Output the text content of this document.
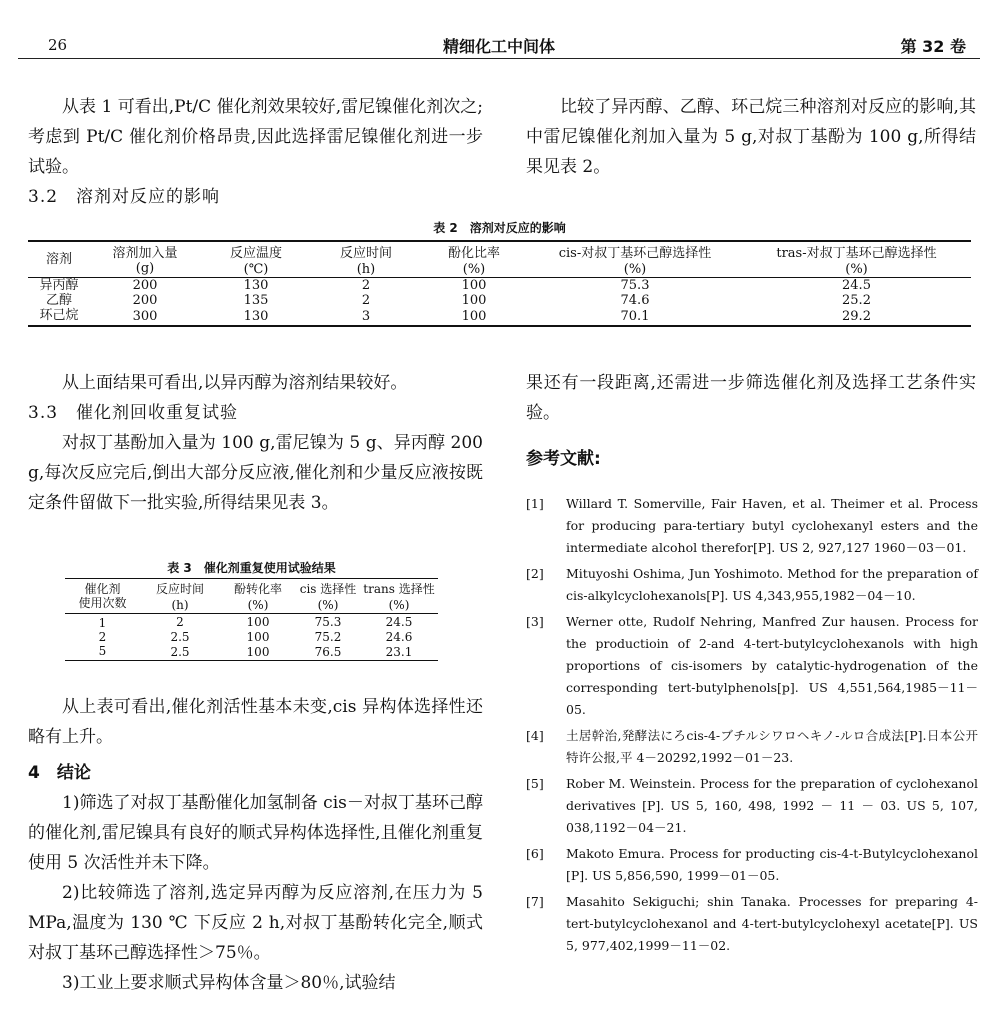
26	精细化工中间体	第 32 卷

从表 1 可看出,Pt/C 催化剂效果较好,雷尼镍催化剂次之;考虑到 Pt/C 催化剂价格昂贵,因此选择雷尼镍催化剂进一步试验。

3.2　溶剂对反应的影响

比较了异丙醇、乙醇、环己烷三种溶剂对反应的影响,其中雷尼镍催化剂加入量为 5 g,对叔丁基酚为 100 g,所得结果见表 2。

表 2　溶剂对反应的影响
溶剂	溶剂加入量	反应温度	反应时间	酚化比率	cis-对叔丁基环己醇选择性	tras-对叔丁基环己醇选择性
	(g)	(℃)	(h)	(%)	(%)	(%)
异丙醇	200	130	2	100	75.3	24.5
乙醇	200	135	2	100	74.6	25.2
环己烷	300	130	3	100	70.1	29.2

从上面结果可看出,以异丙醇为溶剂结果较好。

3.3　催化剂回收重复试验

对叔丁基酚加入量为 100 g,雷尼镍为 5 g、异丙醇 200 g,每次反应完后,倒出大部分反应液,催化剂和少量反应液按既定条件留做下一批实验,所得结果见表 3。

表 3　催化剂重复使用试验结果
催化剂	反应时间	酚转化率	cis 选择性	trans 选择性
使用次数	(h)	(%)	(%)	(%)
1	2	100	75.3	24.5
2	2.5	100	75.2	24.6
5	2.5	100	76.5	23.1

从上表可看出,催化剂活性基本未变,cis 异构体选择性还略有上升。

4　结论

1)筛选了对叔丁基酚催化加氢制备 cis－对叔丁基环己醇的催化剂,雷尼镍具有良好的顺式异构体选择性,且催化剂重复使用 5 次活性并未下降。

2)比较筛选了溶剂,选定异丙醇为反应溶剂,在压力为 5 MPa,温度为 130 ℃ 下反应 2 h,对叔丁基酚转化完全,顺式对叔丁基环己醇选择性＞75％。

3)工业上要求顺式异构体含量＞80％,试验结

果还有一段距离,还需进一步筛选催化剂及选择工艺条件实验。

参考文献:

[1] Willard T. Somerville, Fair Haven, et al. Theimer et al. Process for producing para-tertiary butyl cyclohexanyl esters and the intermediate alcohol therefor[P]. US 2, 927,127 1960－03－01.
[2] Mituyoshi Oshima, Jun Yoshimoto. Method for the preparation of cis-alkylcyclohexanols[P]. US 4,343,955,1982－04－10.
[3] Werner otte, Rudolf Nehring, Manfred Zur hausen. Process for the productioin of 2-and 4-tert-butylcyclohexanols with high proportions of cis-isomers by catalytic-hydrogenation of the corresponding tert-butylphenols[p]. US 4,551,564,1985－11－05.
[4] 土居幹治,発酵法にろcis-4-ブチルシワロヘキノ-ルロ合成法[P].日本公开特许公报,平 4－20292,1992－01－23.
[5] Rober M. Weinstein. Process for the preparation of cyclohexanol derivatives [P]. US 5, 160, 498, 1992 － 11 － 03. US 5, 107, 038,1192－04－21.
[6] Makoto Emura. Process for producting cis-4-t-Butylcyclohexanol [P]. US 5,856,590, 1999－01－05.
[7] Masahito Sekiguchi; shin Tanaka. Processes for preparing 4-tert-butylcyclohexanol and 4-tert-butylcyclohexyl acetate[P]. US 5, 977,402,1999－11－02.
